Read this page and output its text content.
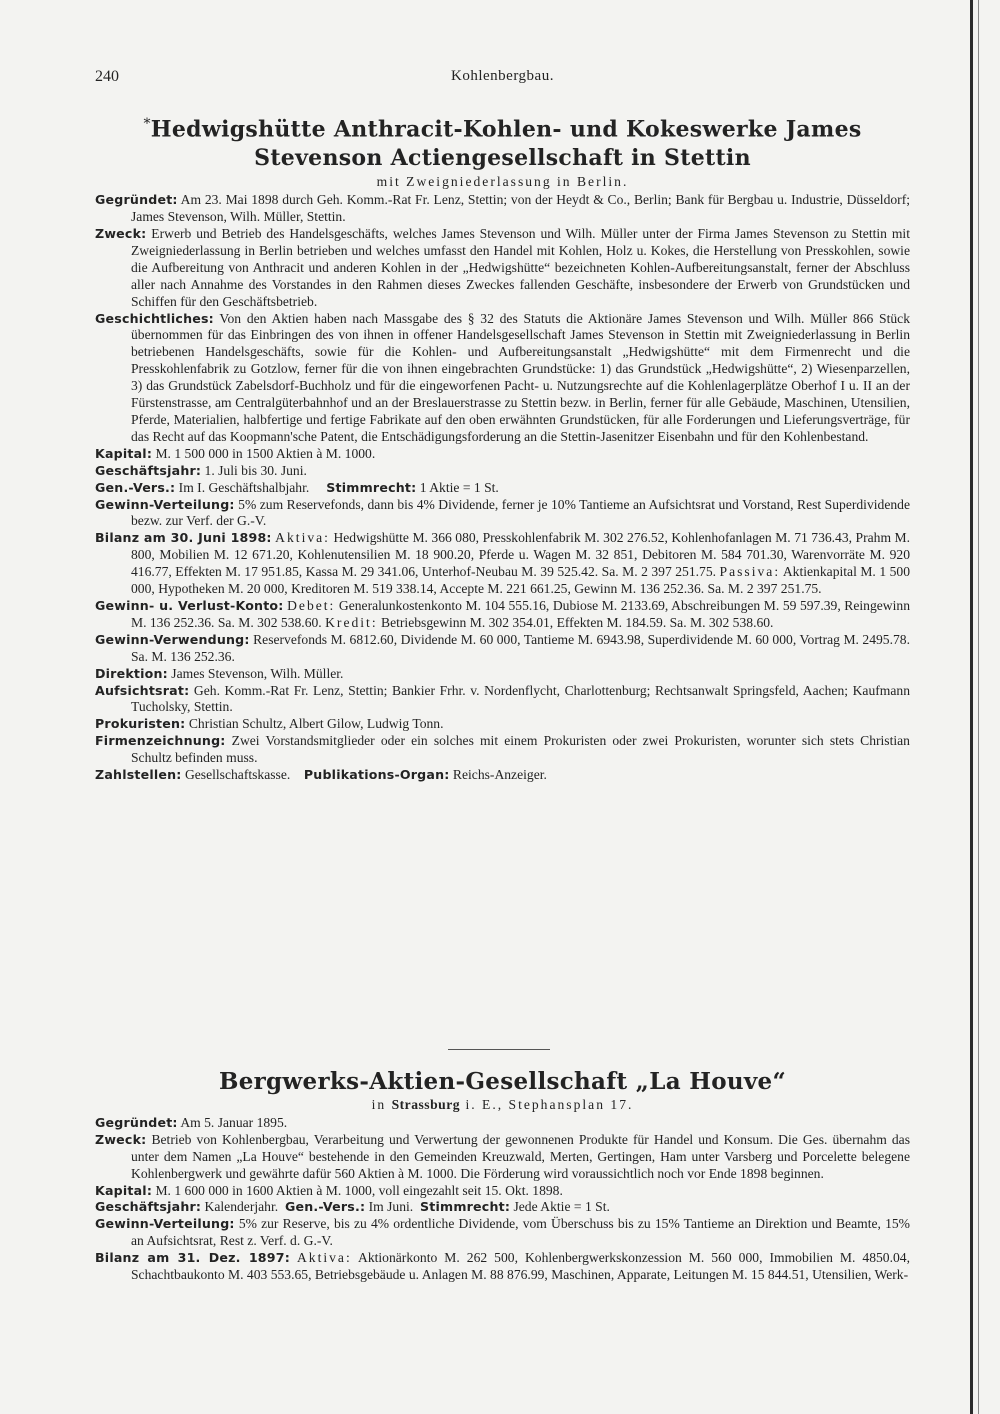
240	Kohlenbergbau.

*Hedwigshütte Anthracit-Kohlen- und Kokeswerke James
Stevenson Actiengesellschaft in Stettin

mit Zweigniederlassung in Berlin.

Gegründet: Am 23. Mai 1898 durch Geh. Komm.-Rat Fr. Lenz, Stettin; von der Heydt & Co., Berlin; Bank für Bergbau u. Industrie, Düsseldorf; James Stevenson, Wilh. Müller, Stettin.

Zweck: Erwerb und Betrieb des Handelsgeschäfts, welches James Stevenson und Wilh. Müller unter der Firma James Stevenson zu Stettin mit Zweigniederlassung in Berlin betrieben und welches umfasst den Handel mit Kohlen, Holz u. Kokes, die Herstellung von Presskohlen, sowie die Aufbereitung von Anthracit und anderen Kohlen in der „Hedwigshütte“ bezeichneten Kohlen-Aufbereitungsanstalt, ferner der Abschluss aller nach Annahme des Vorstandes in den Rahmen dieses Zweckes fallenden Geschäfte, insbesondere der Erwerb von Grundstücken und Schiffen für den Geschäftsbetrieb.

Geschichtliches: Von den Aktien haben nach Massgabe des § 32 des Statuts die Aktionäre James Stevenson und Wilh. Müller 866 Stück übernommen für das Einbringen des von ihnen in offener Handelsgesellschaft James Stevenson in Stettin mit Zweigniederlassung in Berlin betriebenen Handelsgeschäfts, sowie für die Kohlen- und Aufbereitungsanstalt „Hedwigshütte“ mit dem Firmenrecht und die Presskohlenfabrik zu Gotzlow, ferner für die von ihnen eingebrachten Grundstücke: 1) das Grundstück „Hedwigshütte“, 2) Wiesenparzellen, 3) das Grundstück Zabelsdorf-Buchholz und für die eingeworfenen Pacht- u. Nutzungsrechte auf die Kohlenlagerplätze Oberhof I u. II an der Fürstenstrasse, am Centralgüterbahnhof und an der Breslauerstrasse zu Stettin bezw. in Berlin, ferner für alle Gebäude, Maschinen, Utensilien, Pferde, Materialien, halbfertige und fertige Fabrikate auf den oben erwähnten Grundstücken, für alle Forderungen und Lieferungsverträge, für das Recht auf das Koopmann'sche Patent, die Entschädigungsforderung an die Stettin-Jasenitzer Eisenbahn und für den Kohlenbestand.

Kapital: M. 1 500 000 in 1500 Aktien à M. 1000.

Geschäftsjahr: 1. Juli bis 30. Juni.

Gen.-Vers.: Im I. Geschäftshalbjahr. Stimmrecht: 1 Aktie = 1 St.

Gewinn-Verteilung: 5% zum Reservefonds, dann bis 4% Dividende, ferner je 10% Tantieme an Aufsichtsrat und Vorstand, Rest Superdividende bezw. zur Verf. der G.-V.

Bilanz am 30. Juni 1898: Aktiva: Hedwigshütte M. 366 080, Presskohlenfabrik M. 302 276.52, Kohlenhofanlagen M. 71 736.43, Prahm M. 800, Mobilien M. 12 671.20, Kohlenutensilien M. 18 900.20, Pferde u. Wagen M. 32 851, Debitoren M. 584 701.30, Warenvorräte M. 920 416.77, Effekten M. 17 951.85, Kassa M. 29 341.06, Unterhof-Neubau M. 39 525.42. Sa. M. 2 397 251.75. Passiva: Aktienkapital M. 1 500 000, Hypotheken M. 20 000, Kreditoren M. 519 338.14, Accepte M. 221 661.25, Gewinn M. 136 252.36. Sa. M. 2 397 251.75.

Gewinn- u. Verlust-Konto: Debet: Generalunkostenkonto M. 104 555.16, Dubiose M. 2133.69, Abschreibungen M. 59 597.39, Reingewinn M. 136 252.36. Sa. M. 302 538.60. Kredit: Betriebsgewinn M. 302 354.01, Effekten M. 184.59. Sa. M. 302 538.60.

Gewinn-Verwendung: Reservefonds M. 6812.60, Dividende M. 60 000, Tantieme M. 6943.98, Superdividende M. 60 000, Vortrag M. 2495.78. Sa. M. 136 252.36.

Direktion: James Stevenson, Wilh. Müller.

Aufsichtsrat: Geh. Komm.-Rat Fr. Lenz, Stettin; Bankier Frhr. v. Nordenflycht, Charlottenburg; Rechtsanwalt Springsfeld, Aachen; Kaufmann Tucholsky, Stettin.

Prokuristen: Christian Schultz, Albert Gilow, Ludwig Tonn.

Firmenzeichnung: Zwei Vorstandsmitglieder oder ein solches mit einem Prokuristen oder zwei Prokuristen, worunter sich stets Christian Schultz befinden muss.

Zahlstellen: Gesellschaftskasse. Publikations-Organ: Reichs-Anzeiger.

Bergwerks-Aktien-Gesellschaft „La Houve“

in Strassburg i. E., Stephansplan 17.

Gegründet: Am 5. Januar 1895.

Zweck: Betrieb von Kohlenbergbau, Verarbeitung und Verwertung der gewonnenen Produkte für Handel und Konsum. Die Ges. übernahm das unter dem Namen „La Houve“ bestehende in den Gemeinden Kreuzwald, Merten, Gertingen, Ham unter Varsberg und Porcelette belegene Kohlenbergwerk und gewährte dafür 560 Aktien à M. 1000. Die Förderung wird voraussichtlich noch vor Ende 1898 beginnen.

Kapital: M. 1 600 000 in 1600 Aktien à M. 1000, voll eingezahlt seit 15. Okt. 1898.

Geschäftsjahr: Kalenderjahr. Gen.-Vers.: Im Juni. Stimmrecht: Jede Aktie = 1 St.

Gewinn-Verteilung: 5% zur Reserve, bis zu 4% ordentliche Dividende, vom Überschuss bis zu 15% Tantieme an Direktion und Beamte, 15% an Aufsichtsrat, Rest z. Verf. d. G.-V.

Bilanz am 31. Dez. 1897: Aktiva: Aktionärkonto M. 262 500, Kohlenbergwerkskonzession M. 560 000, Immobilien M. 4850.04, Schachtbaukonto M. 403 553.65, Betriebsgebäude u. Anlagen M. 88 876.99, Maschinen, Apparate, Leitungen M. 15 844.51, Utensilien, Werk-
